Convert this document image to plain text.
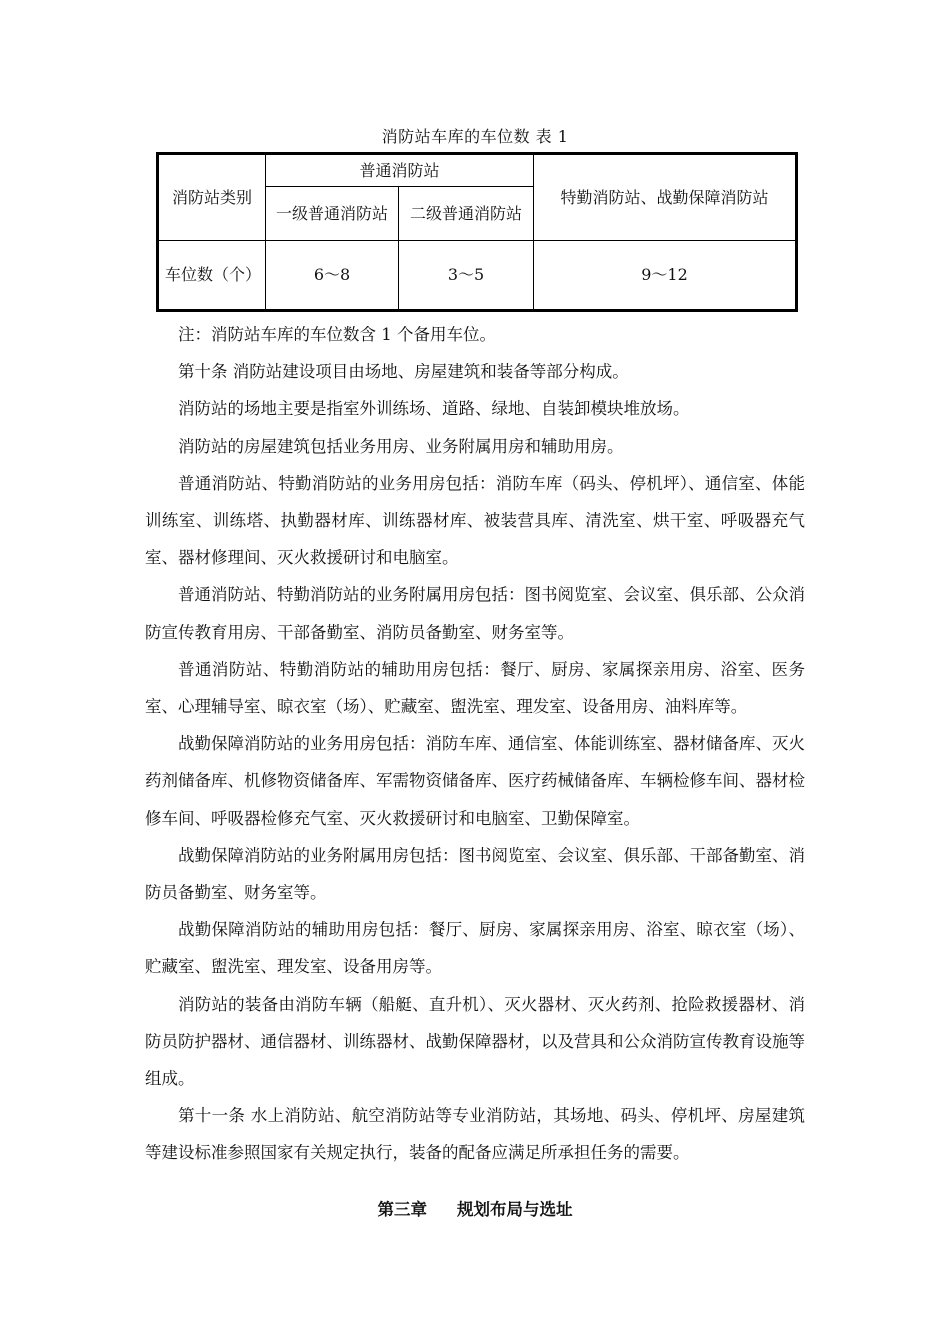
消防站车库的车位数 表 1
消防站类别	普通消防站		特勤消防站、战勤保障消防站
	一级普通消防站	二级普通消防站	
车位数（个）	6～8	3～5	9～12

注：消防站车库的车位数含 1 个备用车位。

第十条 消防站建设项目由场地、房屋建筑和装备等部分构成。

消防站的场地主要是指室外训练场、道路、绿地、自装卸模块堆放场。

消防站的房屋建筑包括业务用房、业务附属用房和辅助用房。

普通消防站、特勤消防站的业务用房包括：消防车库（码头、停机坪）、通信室、体能训练室、训练塔、执勤器材库、训练器材库、被装营具库、清洗室、烘干室、呼吸器充气室、器材修理间、灭火救援研讨和电脑室。

普通消防站、特勤消防站的业务附属用房包括：图书阅览室、会议室、俱乐部、公众消防宣传教育用房、干部备勤室、消防员备勤室、财务室等。

普通消防站、特勤消防站的辅助用房包括：餐厅、厨房、家属探亲用房、浴室、医务室、心理辅导室、晾衣室（场）、贮藏室、盥洗室、理发室、设备用房、油料库等。

战勤保障消防站的业务用房包括：消防车库、通信室、体能训练室、器材储备库、灭火药剂储备库、机修物资储备库、军需物资储备库、医疗药械储备库、车辆检修车间、器材检修车间、呼吸器检修充气室、灭火救援研讨和电脑室、卫勤保障室。

战勤保障消防站的业务附属用房包括：图书阅览室、会议室、俱乐部、干部备勤室、消防员备勤室、财务室等。

战勤保障消防站的辅助用房包括：餐厅、厨房、家属探亲用房、浴室、晾衣室（场）、贮藏室、盥洗室、理发室、设备用房等。

消防站的装备由消防车辆（船艇、直升机）、灭火器材、灭火药剂、抢险救援器材、消防员防护器材、通信器材、训练器材、战勤保障器材，以及营具和公众消防宣传教育设施等组成。

第十一条 水上消防站、航空消防站等专业消防站，其场地、码头、停机坪、房屋建筑等建设标准参照国家有关规定执行，装备的配备应满足所承担任务的需要。

第三章 规划布局与选址
